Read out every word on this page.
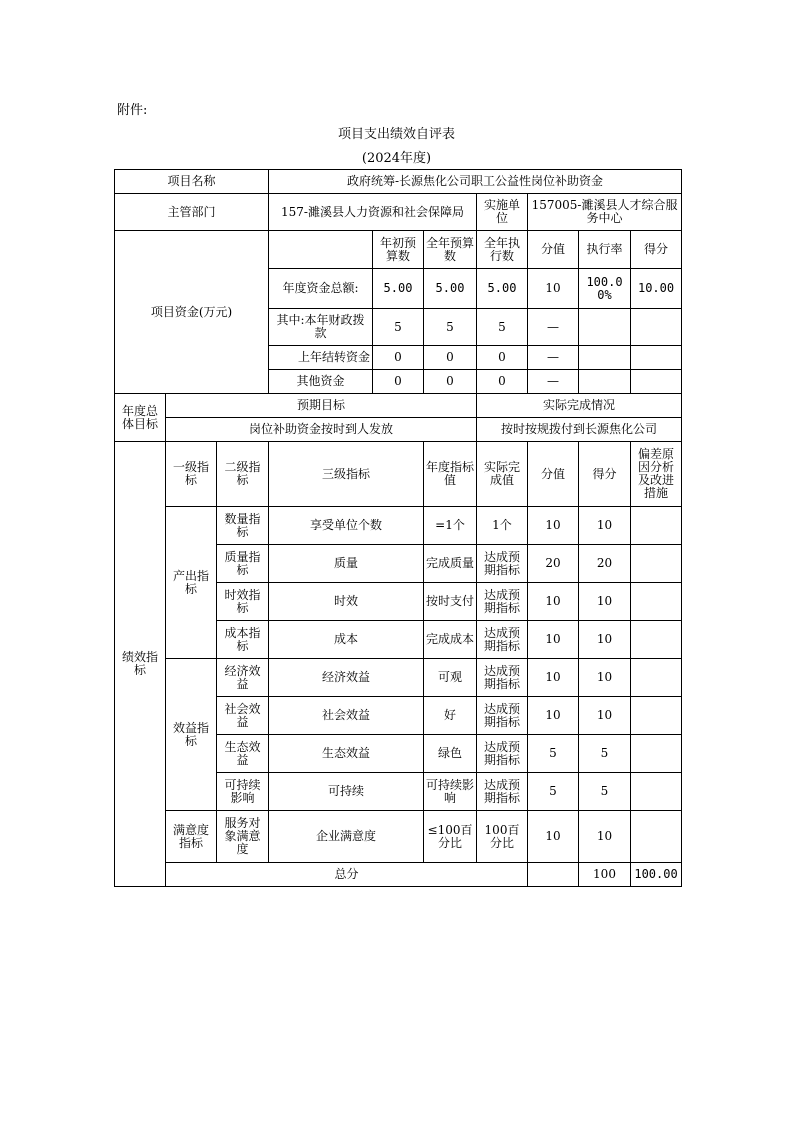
附件:
项目支出绩效自评表
(2024年度)
项目名称			政府统筹-长源焦化公司职工公益性岗位补助资金							
主管部门			157-濉溪县人力资源和社会保障局			实施单位	157005-濉溪县人才综合服务中心			
项目资金(万元)				年初预算数	全年预算数	全年执行数	分值	执行率	得分	
			年度资金总额:	5.00	5.00	5.00	10	100.00%	10.00	
			其中:本年财政拨款	5	5	5	—			
			上年结转资金	0	0	0	—			
			其他资金	0	0	0	—			
年度总体目标	预期目标					实际完成情况				
	岗位补助资金按时到人发放					按时按规拨付到长源焦化公司				
绩效指标	一级指标	二级指标	三级指标		年度指标值	实际完成值	分值	得分	偏差原因分析及改进措施	
	产出指标	数量指标	享受单位个数		=1个	1个	10	10		
		质量指标	质量		完成质量	达成预期指标	20	20		
		时效指标	时效		按时支付	达成预期指标	10	10		
		成本指标	成本		完成成本	达成预期指标	10	10		
	效益指标	经济效益	经济效益		可观	达成预期指标	10	10		
		社会效益	社会效益		好	达成预期指标	10	10		
		生态效益	生态效益		绿色	达成预期指标	5	5		
		可持续影响	可持续		可持续影响	达成预期指标	5	5		
	满意度指标	服务对象满意度	企业满意度		≤100百分比	100百分比	10	10		
	总分							100	100.00	
